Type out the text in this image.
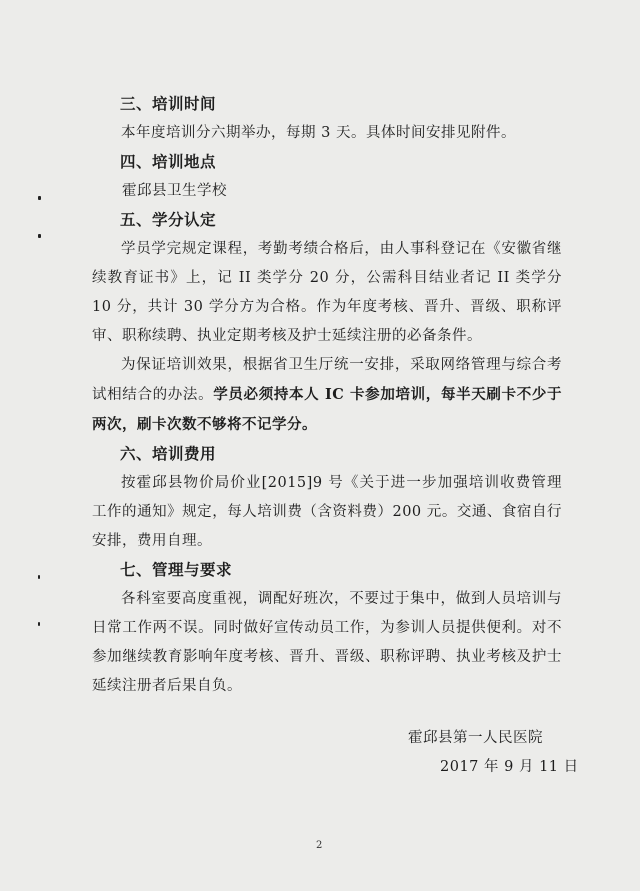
三、培训时间
本年度培训分六期举办，每期 3 天。具体时间安排见附件。
四、培训地点
霍邱县卫生学校
五、学分认定
学员学完规定课程，考勤考绩合格后，由人事科登记在《安徽省继续教育证书》上，记 II 类学分 20 分，公需科目结业者记 II 类学分 10 分，共计 30 学分方为合格。作为年度考核、晋升、晋级、职称评审、职称续聘、执业定期考核及护士延续注册的必备条件。
为保证培训效果，根据省卫生厅统一安排，采取网络管理与综合考试相结合的办法。学员必须持本人 IC 卡参加培训，每半天刷卡不少于两次，刷卡次数不够将不记学分。
六、培训费用
按霍邱县物价局价业[2015]9 号《关于进一步加强培训收费管理工作的通知》规定，每人培训费（含资料费）200 元。交通、食宿自行安排，费用自理。
七、管理与要求
各科室要高度重视，调配好班次，不要过于集中，做到人员培训与日常工作两不误。同时做好宣传动员工作，为参训人员提供便利。对不参加继续教育影响年度考核、晋升、晋级、职称评聘、执业考核及护士延续注册者后果自负。
霍邱县第一人民医院
2017 年 9 月 11 日
2
